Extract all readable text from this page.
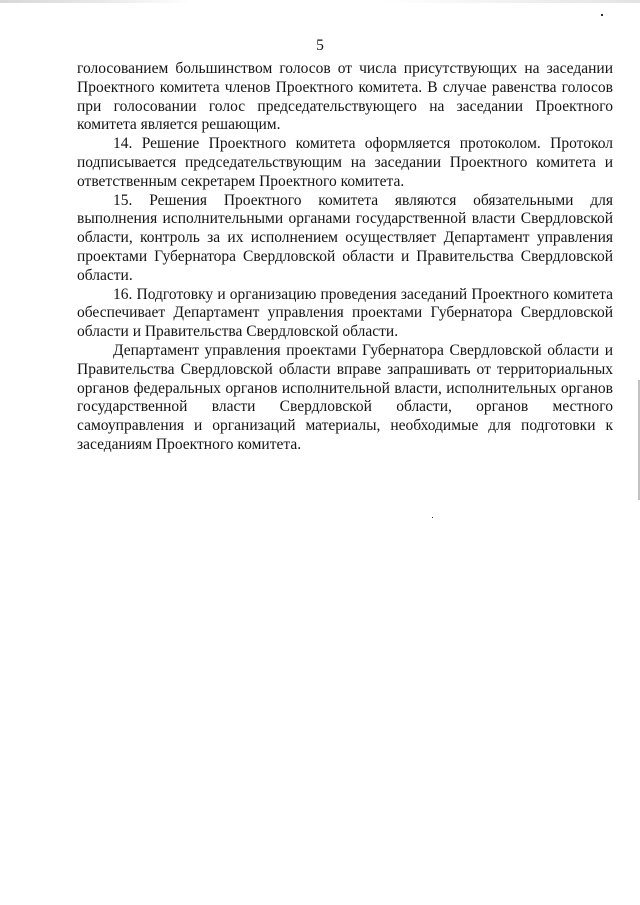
5

голосованием большинством голосов от числа присутствующих на заседании Проектного комитета членов Проектного комитета. В случае равенства голосов при голосовании голос председательствующего на заседании Проектного комитета является решающим.

14. Решение Проектного комитета оформляется протоколом. Протокол подписывается председательствующим на заседании Проектного комитета и ответственным секретарем Проектного комитета.

15. Решения Проектного комитета являются обязательными для выполнения исполнительными органами государственной власти Свердловской области, контроль за их исполнением осуществляет Департамент управления проектами Губернатора Свердловской области и Правительства Свердловской области.

16. Подготовку и организацию проведения заседаний Проектного комитета обеспечивает Департамент управления проектами Губернатора Свердловской области и Правительства Свердловской области.

Департамент управления проектами Губернатора Свердловской области и Правительства Свердловской области вправе запрашивать от территориальных органов федеральных органов исполнительной власти, исполнительных органов государственной власти Свердловской области, органов местного самоуправления и организаций материалы, необходимые для подготовки к заседаниям Проектного комитета.
